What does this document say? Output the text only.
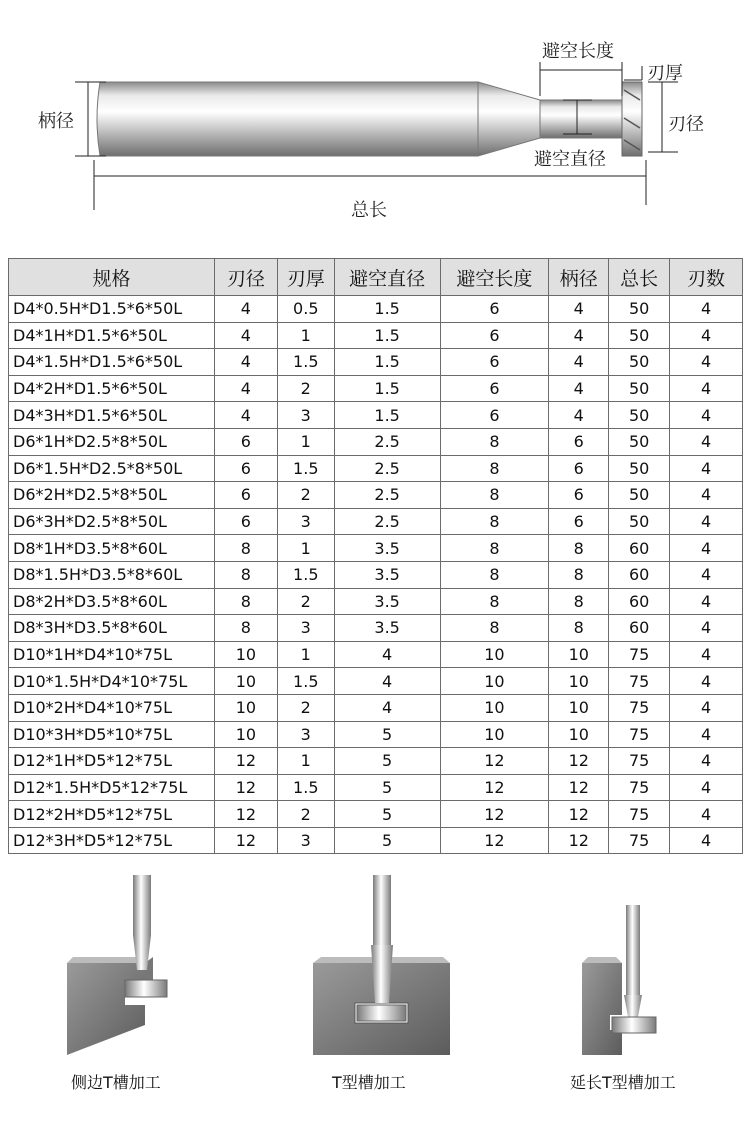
避空长度
刃厚
柄径	刃径
避空直径
总长
规格	刃径	刃厚	避空直径	避空长度	柄径	总长	刃数
D4*0.5H*D1.5*6*50L	4	0.5	1.5	6	4	50	4
D4*1H*D1.5*6*50L	4	1	1.5	6	4	50	4
D4*1.5H*D1.5*6*50L	4	1.5	1.5	6	4	50	4
D4*2H*D1.5*6*50L	4	2	1.5	6	4	50	4
D4*3H*D1.5*6*50L	4	3	1.5	6	4	50	4
D6*1H*D2.5*8*50L	6	1	2.5	8	6	50	4
D6*1.5H*D2.5*8*50L	6	1.5	2.5	8	6	50	4
D6*2H*D2.5*8*50L	6	2	2.5	8	6	50	4
D6*3H*D2.5*8*50L	6	3	2.5	8	6	50	4
D8*1H*D3.5*8*60L	8	1	3.5	8	8	60	4
D8*1.5H*D3.5*8*60L	8	1.5	3.5	8	8	60	4
D8*2H*D3.5*8*60L	8	2	3.5	8	8	60	4
D8*3H*D3.5*8*60L	8	3	3.5	8	8	60	4
D10*1H*D4*10*75L	10	1	4	10	10	75	4
D10*1.5H*D4*10*75L	10	1.5	4	10	10	75	4
D10*2H*D4*10*75L	10	2	4	10	10	75	4
D10*3H*D5*10*75L	10	3	5	10	10	75	4
D12*1H*D5*12*75L	12	1	5	12	12	75	4
D12*1.5H*D5*12*75L	12	1.5	5	12	12	75	4
D12*2H*D5*12*75L	12	2	5	12	12	75	4
D12*3H*D5*12*75L	12	3	5	12	12	75	4
侧边T槽加工	T型槽加工	延长T型槽加工
